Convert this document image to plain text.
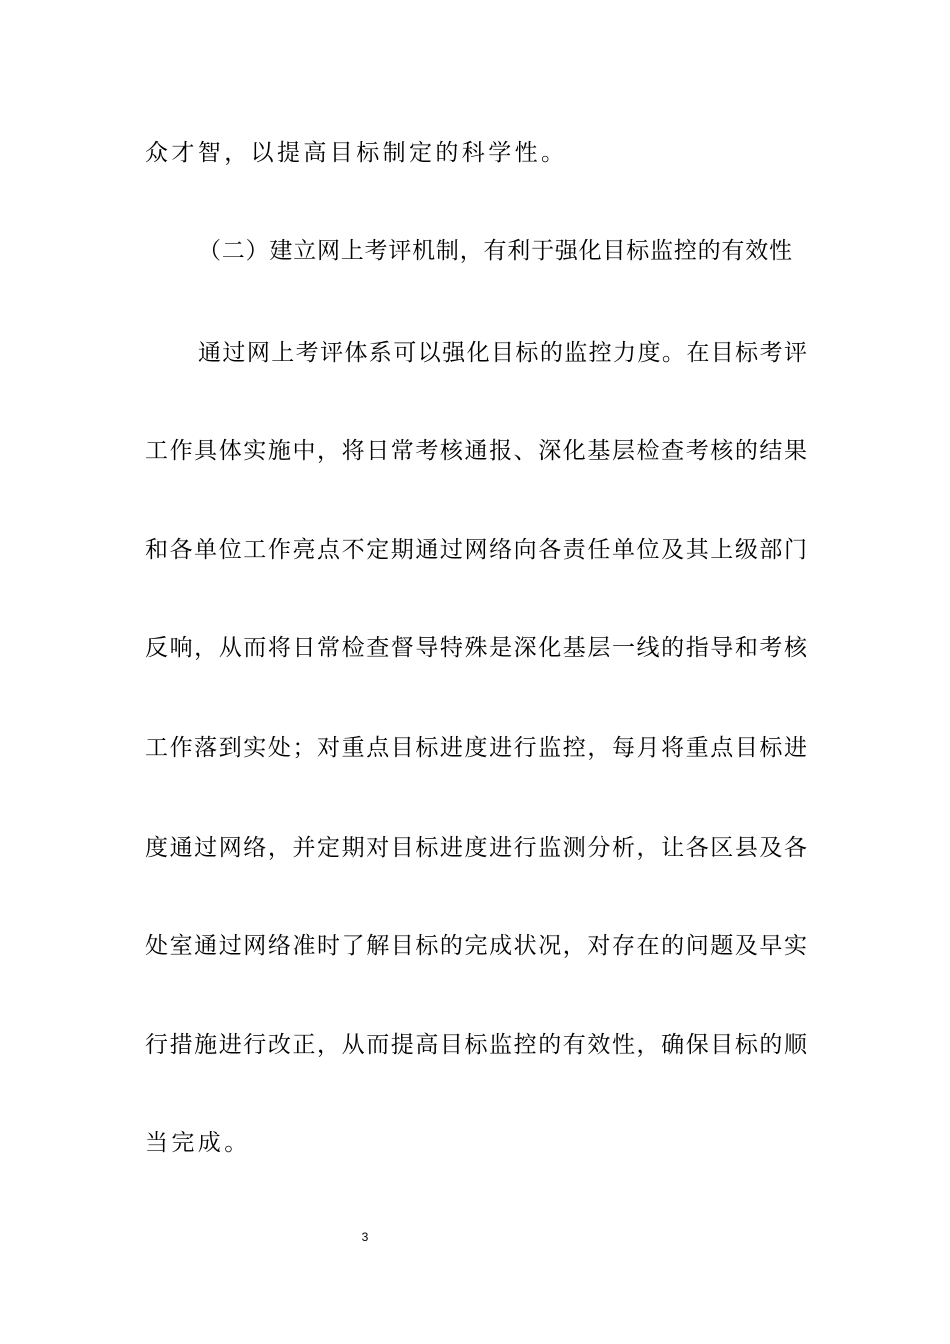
众才智，以提高目标制定的科学性。

（二）建立网上考评机制，有利于强化目标监控的有效性

通过网上考评体系可以强化目标的监控力度。在目标考评

工作具体实施中，将日常考核通报、深化基层检查考核的结果

和各单位工作亮点不定期通过网络向各责任单位及其上级部门

反响，从而将日常检查督导特殊是深化基层一线的指导和考核

工作落到实处；对重点目标进度进行监控，每月将重点目标进

度通过网络，并定期对目标进度进行监测分析，让各区县及各

处室通过网络准时了解目标的完成状况，对存在的问题及早实

行措施进行改正，从而提高目标监控的有效性，确保目标的顺

当完成。

3
